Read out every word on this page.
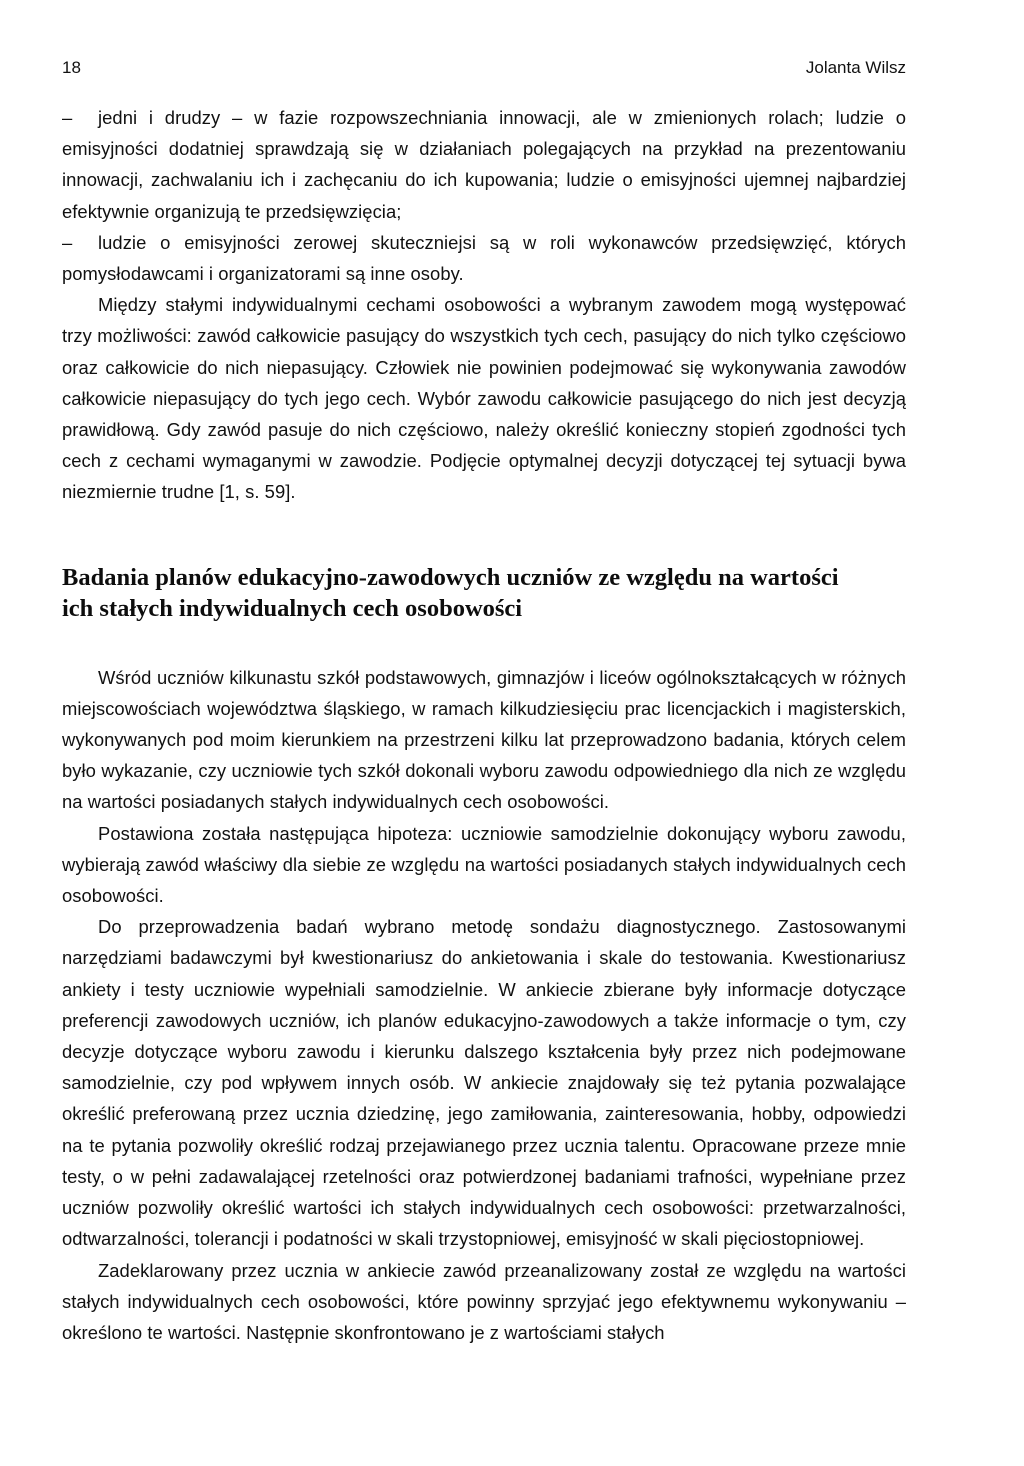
18	Jolanta Wilsz

– jedni i drudzy – w fazie rozpowszechniania innowacji, ale w zmienionych rolach; ludzie o emisyjności dodatniej sprawdzają się w działaniach polegających na przykład na prezentowaniu innowacji, zachwalaniu ich i zachęcaniu do ich kupowania; ludzie o emisyjności ujemnej najbardziej efektywnie organizują te przedsięwzięcia;

– ludzie o emisyjności zerowej skuteczniejsi są w roli wykonawców przedsięwzięć, których pomysłodawcami i organizatorami są inne osoby.

Między stałymi indywidualnymi cechami osobowości a wybranym zawodem mogą występować trzy możliwości: zawód całkowicie pasujący do wszystkich tych cech, pasujący do nich tylko częściowo oraz całkowicie do nich niepasujący. Człowiek nie powinien podejmować się wykonywania zawodów całkowicie niepasujący do tych jego cech. Wybór zawodu całkowicie pasującego do nich jest decyzją prawidłową. Gdy zawód pasuje do nich częściowo, należy określić konieczny stopień zgodności tych cech z cechami wymaganymi w zawodzie. Podjęcie optymalnej decyzji dotyczącej tej sytuacji bywa niezmiernie trudne [1, s. 59].

Badania planów edukacyjno-zawodowych uczniów ze względu na wartości
ich stałych indywidualnych cech osobowości

Wśród uczniów kilkunastu szkół podstawowych, gimnazjów i liceów ogólnokształcących w różnych miejscowościach województwa śląskiego, w ramach kilkudziesięciu prac licencjackich i magisterskich, wykonywanych pod moim kierunkiem na przestrzeni kilku lat przeprowadzono badania, których celem było wykazanie, czy uczniowie tych szkół dokonali wyboru zawodu odpowiedniego dla nich ze względu na wartości posiadanych stałych indywidualnych cech osobowości.

Postawiona została następująca hipoteza: uczniowie samodzielnie dokonujący wyboru zawodu, wybierają zawód właściwy dla siebie ze względu na wartości posiadanych stałych indywidualnych cech osobowości.

Do przeprowadzenia badań wybrano metodę sondażu diagnostycznego. Zastosowanymi narzędziami badawczymi był kwestionariusz do ankietowania i skale do testowania. Kwestionariusz ankiety i testy uczniowie wypełniali samodzielnie. W ankiecie zbierane były informacje dotyczące preferencji zawodowych uczniów, ich planów edukacyjno-zawodowych a także informacje o tym, czy decyzje dotyczące wyboru zawodu i kierunku dalszego kształcenia były przez nich podejmowane samodzielnie, czy pod wpływem innych osób. W ankiecie znajdowały się też pytania pozwalające określić preferowaną przez ucznia dziedzinę, jego zamiłowania, zainteresowania, hobby, odpowiedzi na te pytania pozwoliły określić rodzaj przejawianego przez ucznia talentu. Opracowane przeze mnie testy, o w pełni zadawalającej rzetelności oraz potwierdzonej badaniami trafności, wypełniane przez uczniów pozwoliły określić wartości ich stałych indywidualnych cech osobowości: przetwarzalności, odtwarzalności, tolerancji i podatności w skali trzystopniowej, emisyjność w skali pięciostopniowej.

Zadeklarowany przez ucznia w ankiecie zawód przeanalizowany został ze względu na wartości stałych indywidualnych cech osobowości, które powinny sprzyjać jego efektywnemu wykonywaniu – określono te wartości. Następnie skonfrontowano je z wartościami stałych
